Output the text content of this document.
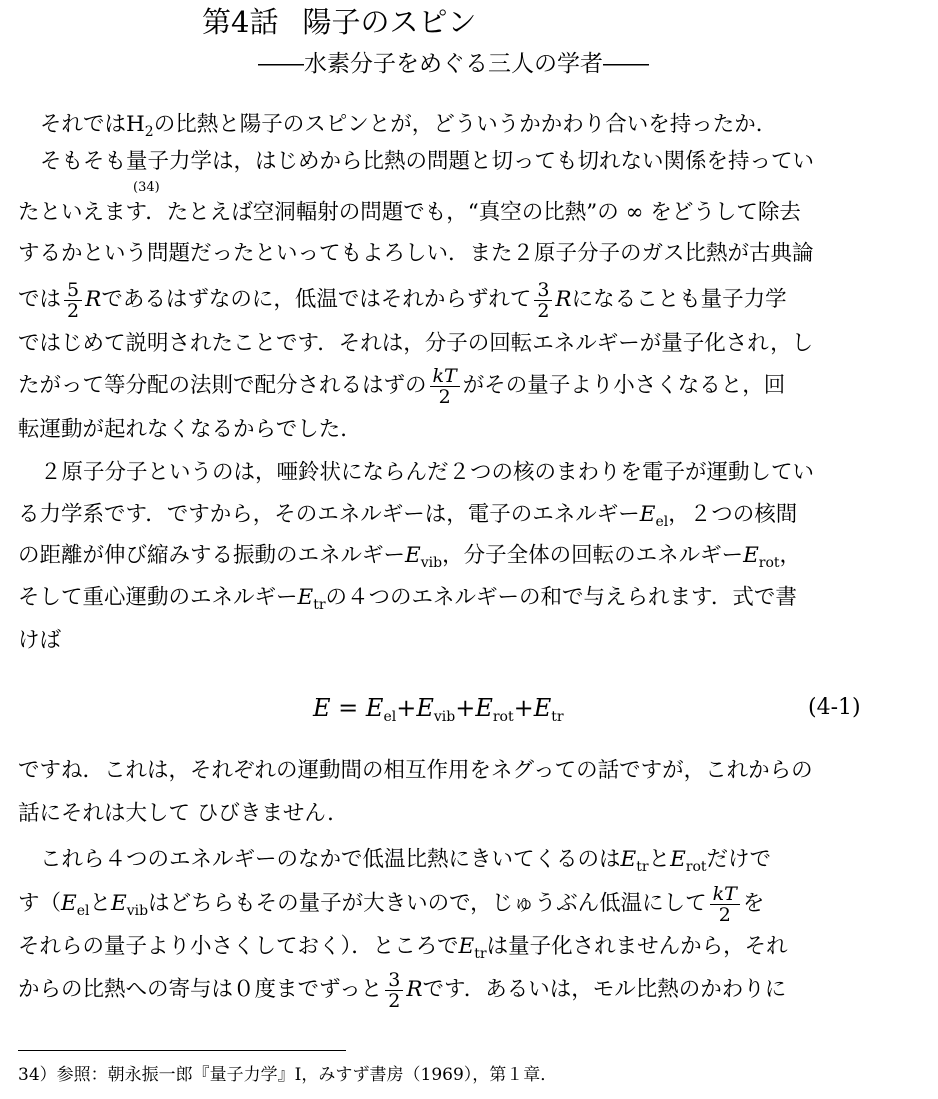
第4話 陽子のスピン
――水素分子をめぐる三人の学者――
それでは$H_2$の比熱と陽子のスピンとが，どういうかかわり合いを持ったか．
そもそも量子力学は，はじめから比熱の問題と切っても切れない関係を持ってい
(34)
たといえます．たとえば空洞輻射の問題でも，“真空の比熱”の ∞ をどうして除去
するかという問題だったといってもよろしい．また２原子分子のガス比熱が古典論
では $\frac{5}{2}$ Rであるはずなのに，低温ではそれからずれて $\frac{3}{2}$ Rになることも量子力学
ではじめて説明されたことです．それは，分子の回転エネルギーが量子化され，し
たがって等分配の法則で配分されるはずの $\frac{kT}{2}$ がその量子より小さくなると，回
転運動が起れなくなるからでした．
２原子分子というのは，唖鈴状にならんだ２つの核のまわりを電子が運動してい
る力学系です．ですから，そのエネルギーは，電子のエネルギー$E_{el}$，２つの核間
の距離が伸び縮みする振動のエネルギー$E_{vib}$，分子全体の回転のエネルギー$E_{rot}$，
そして重心運動のエネルギー$E_{tr}$の４つのエネルギーの和で与えられます．式で書
けば
$E = E_{el}+E_{vib}+E_{rot}+E_{tr}$	(4-1)
ですね．これは，それぞれの運動間の相互作用をネグっての話ですが，これからの
話にそれは大して ひびきません．
これら４つのエネルギーのなかで低温比熱にきいてくるのは$E_{tr}$と$E_{rot}$だけで
す（$E_{el}$と$E_{vib}$はどちらもその量子が大きいので，じゅうぶん低温にして $\frac{kT}{2}$ を
それらの量子より小さくしておく）．ところで$E_{tr}$は量子化されませんから，それ
からの比熱への寄与は０度までずっと $\frac{3}{2}$ Rです．あるいは，モル比熱のかわりに
34）参照：朝永振一郎『量子力学』Ⅰ，みすず書房（1969），第１章．
